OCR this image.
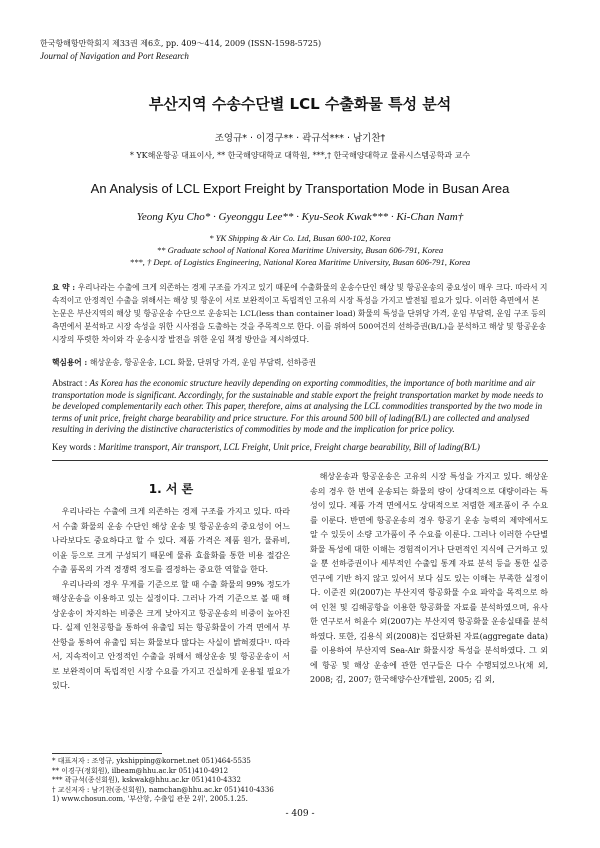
한국항해항만학회지 제33권 제6호, pp. 409～414, 2009 (ISSN-1598-5725)
Journal of Navigation and Port Research
부산지역 수송수단별 LCL 수출화물 특성 분석
조영규* · 이경구** · 곽규석*** · 남기찬†
* YK해운항공 대표이사, ** 한국해양대학교 대학원, ***,† 한국해양대학교 물류시스템공학과 교수
An Analysis of LCL Export Freight by Transportation Mode in Busan Area
Yeong Kyu Cho* · Gyeonggu Lee** · Kyu-Seok Kwak*** · Ki-Chan Nam†
* YK Shipping & Air Co. Ltd, Busan 600-102, Korea
** Graduate school of National Korea Maritime University, Busan 606-791, Korea
***, † Dept. of Logistics Engineering, National Korea Maritime University, Busan 606-791, Korea
요 약 : 우리나라는 수출에 크게 의존하는 경제 구조를 가지고 있기 때문에 수출화물의 운송수단인 해상 및 항공운송의 중요성이 매우 크다. 따라서 지속적이고 안정적인 수출을 위해서는 해상 및 항운이 서로 보완적이고 독립적인 고유의 시장 특성을 가지고 발전될 필요가 있다. 이러한 측면에서 본 논문은 부산지역의 해상 및 항공운송 수단으로 운송되는 LCL(less than container load) 화물의 특성을 단위당 가격, 운임 부담력, 운임 구조 등의 측면에서 분석하고 시장 속성을 위한 시사점을 도출하는 것을 주목적으로 한다. 이를 위하여 500여건의 선하증권(B/L)을 분석하고 해상 및 항공운송 시장의 뚜렷한 차이와 각 운송시장 발전을 위한 운임 책정 방안을 제시하였다.
핵심용어 : 해상운송, 항공운송, LCL 화물, 단위당 가격, 운임 부담력, 선하증권
Abstract : As Korea has the economic structure heavily depending on exporting commodities, the importance of both maritime and air transportation mode is significant. Accordingly, for the sustainable and stable export the freight transportation market by mode needs to be developed complementarily each other. This paper, therefore, aims at analysing the LCL commodities transported by the two mode in terms of unit price, freight charge bearability and price structure. For this around 500 bill of lading(B/L) are collected and analysed resulting in deriving the distinctive characteristics of commodities by mode and the implication for price policy.
Key words : Maritime transport, Air transport, LCL Freight, Unit price, Freight charge bearability, Bill of lading(B/L)
1. 서 론

우리나라는 수출에 크게 의존하는 경제 구조를 가지고 있다. 따라서 수출 화물의 운송 수단인 해상 운송 및 항공운송의 중요성이 어느 나라보다도 중요하다고 할 수 있다. 제품 가격은 제품 원가, 물류비, 이윤 등으로 크게 구성되기 때문에 물류 효율화를 통한 비용 절감은 수출 품목의 가격 경쟁력 정도를 결정하는 중요한 역할을 한다.

우리나라의 경우 무게를 기준으로 할 때 수출 화물의 99% 정도가 해상운송을 이용하고 있는 실정이다. 그러나 가격 기준으로 볼 때 해상운송이 차지하는 비중은 크게 낮아지고 항공운송의 비중이 높아진다. 실제 인천공항을 통하여 유출입 되는 항공화물이 가격 면에서 부산항을 통하여 유출입 되는 화물보다 많다는 사실이 밝혀졌다¹⁾. 따라서, 지속적이고 안정적인 수출을 위해서 해상운송 및 항공운송이 서로 보완적이며 독립적인 시장 수요를 가지고 건실하게 운용될 필요가 있다.

해상운송과 항공운송은 고유의 시장 특성을 가지고 있다. 해상운송의 경우 한 번에 운송되는 화물의 량이 상대적으로 대량이라는 특성이 있다. 제품 가격 면에서도 상대적으로 저렴한 제조품이 주 수요를 이룬다. 반면에 항공운송의 경우 항공기 운송 능력의 제약에서도 알 수 있듯이 소량 고가품이 주 수요를 이룬다. 그러나 이러한 수단별 화물 특성에 대한 이해는 경험적이거나 단편적인 지식에 근거하고 있을 뿐 선하증권이나 세부적인 수출입 통계 자료 분석 등을 통한 실증 연구에 기반 하지 않고 있어서 보다 심도 있는 이해는 부족한 실정이다. 이준진 외(2007)는 부산지역 항공화물 수요 파악을 목적으로 하여 인천 및 김해공항을 이용한 항공화물 자료를 분석하였으며, 유사한 연구로서 허윤수 외(2007)는 부산지역 항공화물 운송실태를 분석하였다. 또한, 김용식 외(2008)는 집단화된 자료(aggregate data)를 이용하여 부산지역 Sea-Air 화물시장 특성을 분석하였다. 그 외에 항공 및 해상 운송에 관한 연구들은 다수 수행되었으나(채 외, 2008; 김, 2007; 한국해양수산개발원, 2005; 김 외,

* 대표저자 : 조영규, ykshipping@kornet.net 051)464-5535
** 이경구(정회원), ilbeam@hhu.ac.kr 051)410-4912
*** 곽규석(종신회원), kskwak@hhu.ac.kr 051)410-4332
† 교신저자 : 남기찬(종신회원), namchan@hhu.ac.kr 051)410-4336
1) www.chosun.com, '부산항, 수출입 관문 2위', 2005.1.25.
- 409 -
